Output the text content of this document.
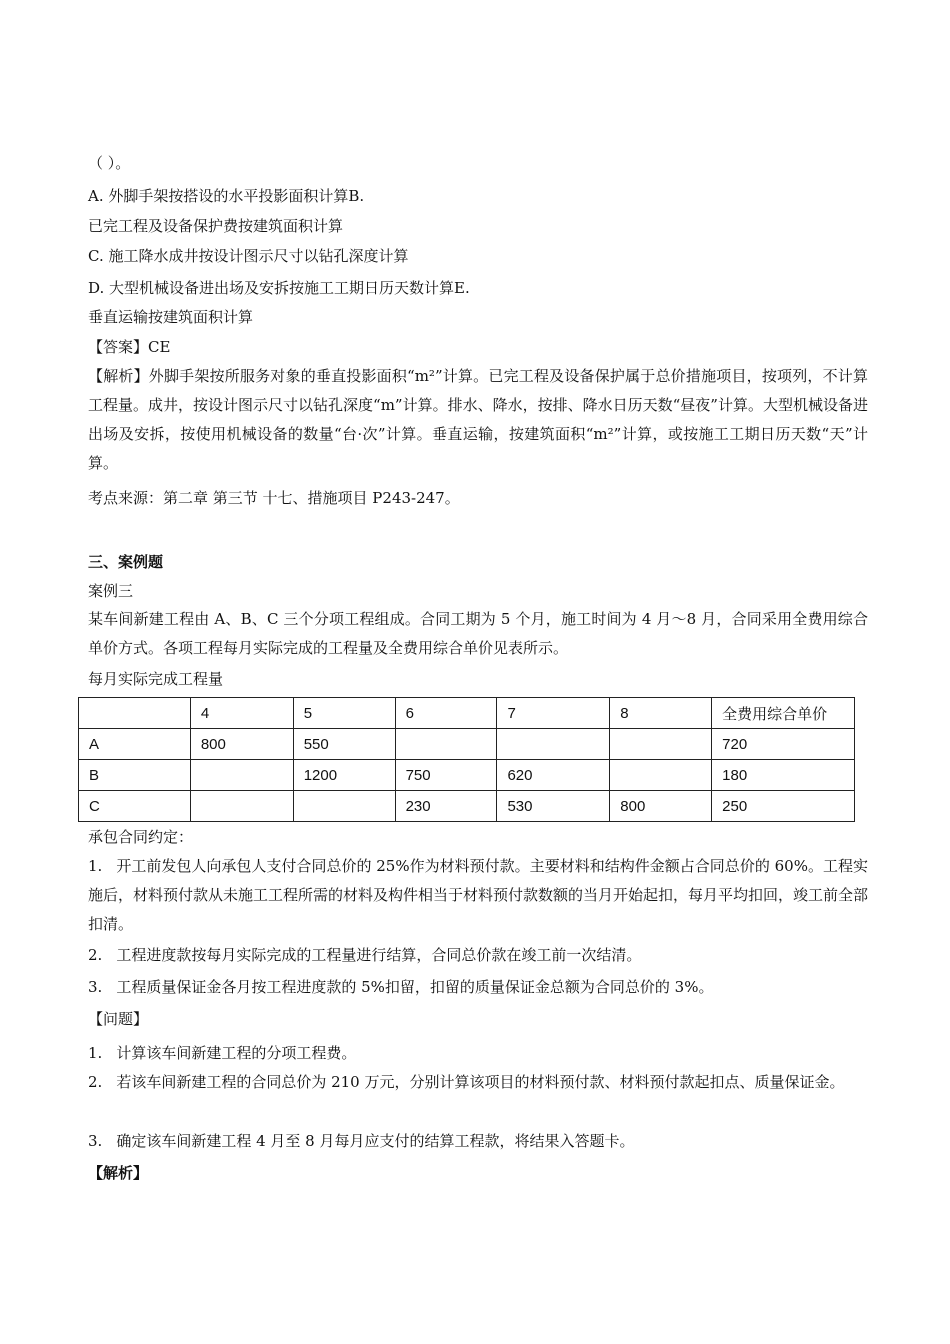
（ ）。
A. 外脚手架按搭设的水平投影面积计算B.
已完工程及设备保护费按建筑面积计算
C. 施工降水成井按设计图示尺寸以钻孔深度计算
D. 大型机械设备进出场及安拆按施工工期日历天数计算E.
垂直运输按建筑面积计算
【答案】CE
【解析】外脚手架按所服务对象的垂直投影面积“m²”计算。已完工程及设备保护属于总价措施项目，按项列，不计算工程量。成井，按设计图示尺寸以钻孔深度“m”计算。排水、降水，按排、降水日历天数“昼夜”计算。大型机械设备进出场及安拆，按使用机械设备的数量“台·次”计算。垂直运输，按建筑面积“m²”计算，或按施工工期日历天数“天”计算。
考点来源：第二章 第三节 十七、措施项目 P243-247。
三、案例题
案例三
某车间新建工程由 A、B、C 三个分项工程组成。合同工期为 5 个月，施工时间为 4 月～8 月，合同采用全费用综合单价方式。各项工程每月实际完成的工程量及全费用综合单价见表所示。
每月实际完成工程量
	4	5	6	7	8	全费用综合单价
A	800	550				720
B		1200	750	620		180
C			230	530	800	250
承包合同约定：
1. 开工前发包人向承包人支付合同总价的 25%作为材料预付款。主要材料和结构件金额占合同总价的 60%。工程实施后，材料预付款从未施工工程所需的材料及构件相当于材料预付款数额的当月开始起扣，每月平均扣回，竣工前全部扣清。
2. 工程进度款按每月实际完成的工程量进行结算，合同总价款在竣工前一次结清。
3. 工程质量保证金各月按工程进度款的 5%扣留，扣留的质量保证金总额为合同总价的 3%。
【问题】
1. 计算该车间新建工程的分项工程费。
2. 若该车间新建工程的合同总价为 210 万元，分别计算该项目的材料预付款、材料预付款起扣点、质量保证金。
3. 确定该车间新建工程 4 月至 8 月每月应支付的结算工程款，将结果入答题卡。
【解析】
